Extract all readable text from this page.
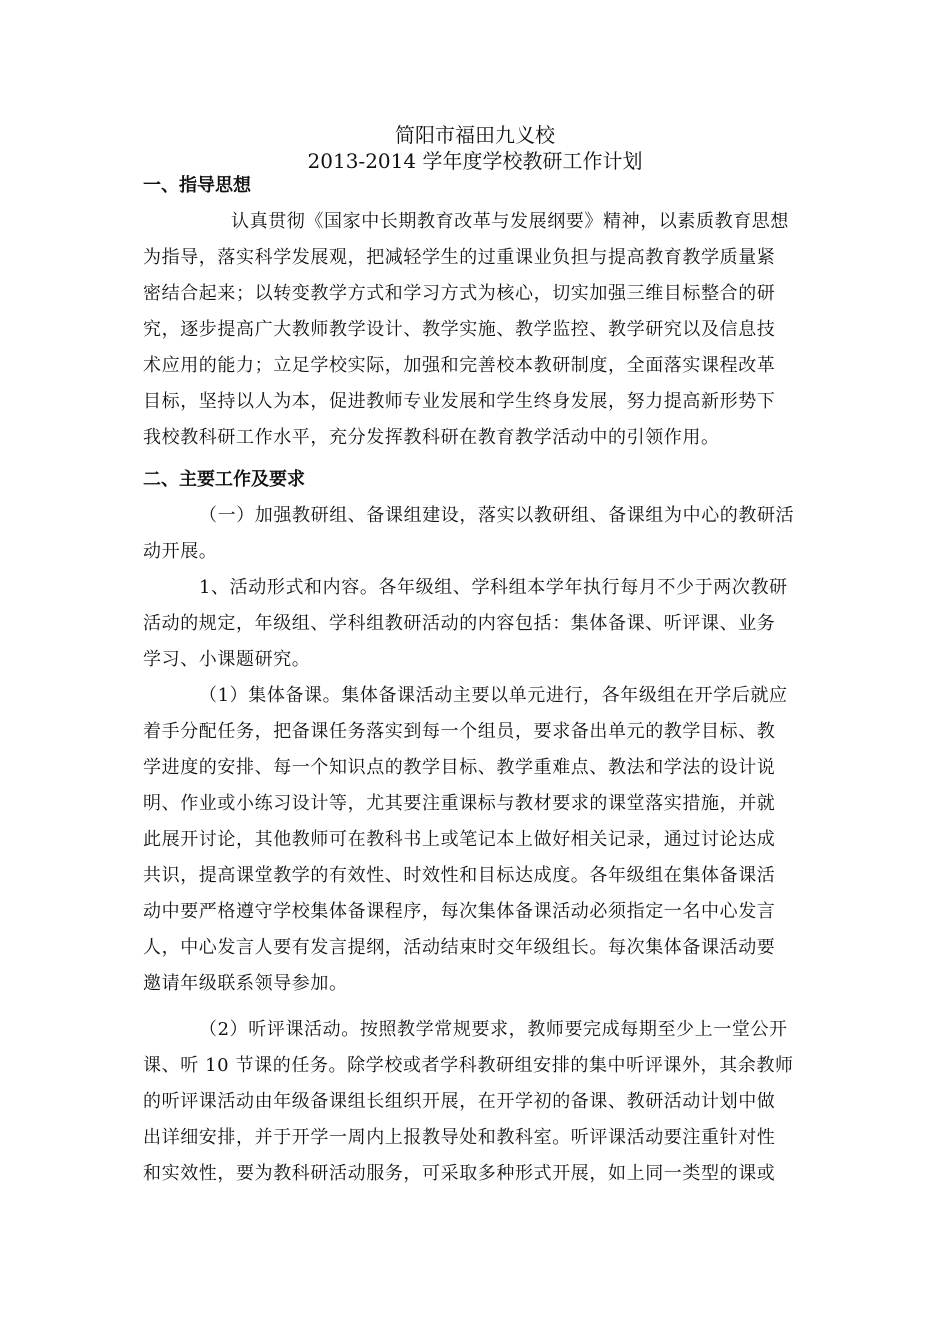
简阳市福田九义校
2013-2014 学年度学校教研工作计划
一、指导思想
认真贯彻《国家中长期教育改革与发展纲要》精神，以素质教育思想
为指导，落实科学发展观，把减轻学生的过重课业负担与提高教育教学质量紧
密结合起来；以转变教学方式和学习方式为核心，切实加强三维目标整合的研
究，逐步提高广大教师教学设计、教学实施、教学监控、教学研究以及信息技
术应用的能力；立足学校实际，加强和完善校本教研制度，全面落实课程改革
目标，坚持以人为本，促进教师专业发展和学生终身发展，努力提高新形势下
我校教科研工作水平，充分发挥教科研在教育教学活动中的引领作用。
二、主要工作及要求
（一）加强教研组、备课组建设，落实以教研组、备课组为中心的教研活
动开展。
1、活动形式和内容。各年级组、学科组本学年执行每月不少于两次教研
活动的规定，年级组、学科组教研活动的内容包括：集体备课、听评课、业务
学习、小课题研究。
（1）集体备课。集体备课活动主要以单元进行，各年级组在开学后就应
着手分配任务，把备课任务落实到每一个组员，要求备出单元的教学目标、教
学进度的安排、每一个知识点的教学目标、教学重难点、教法和学法的设计说
明、作业或小练习设计等，尤其要注重课标与教材要求的课堂落实措施，并就
此展开讨论，其他教师可在教科书上或笔记本上做好相关记录，通过讨论达成
共识，提高课堂教学的有效性、时效性和目标达成度。各年级组在集体备课活
动中要严格遵守学校集体备课程序，每次集体备课活动必须指定一名中心发言
人，中心发言人要有发言提纲，活动结束时交年级组长。每次集体备课活动要
邀请年级联系领导参加。
（2）听评课活动。按照教学常规要求，教师要完成每期至少上一堂公开
课、听 10 节课的任务。除学校或者学科教研组安排的集中听评课外，其余教师
的听评课活动由年级备课组长组织开展，在开学初的备课、教研活动计划中做
出详细安排，并于开学一周内上报教导处和教科室。听评课活动要注重针对性
和实效性，要为教科研活动服务，可采取多种形式开展，如上同一类型的课或
